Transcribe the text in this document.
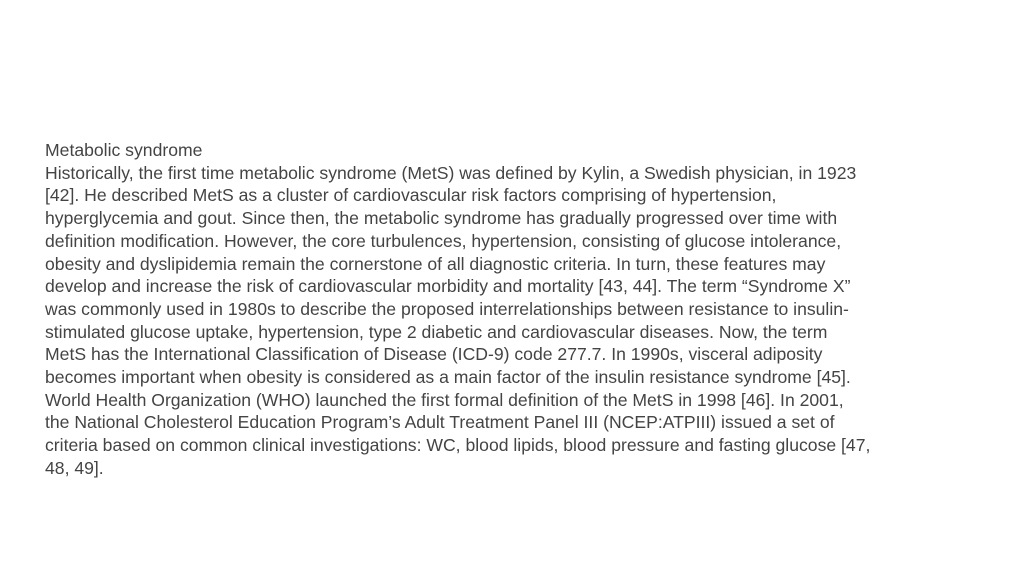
Metabolic syndrome
Historically, the first time metabolic syndrome (MetS) was defined by Kylin, a Swedish physician, in 1923
[42]. He described MetS as a cluster of cardiovascular risk factors comprising of hypertension,
hyperglycemia and gout. Since then, the metabolic syndrome has gradually progressed over time with
definition modification. However, the core turbulences, hypertension, consisting of glucose intolerance,
obesity and dyslipidemia remain the cornerstone of all diagnostic criteria. In turn, these features may
develop and increase the risk of cardiovascular morbidity and mortality [43, 44]. The term “Syndrome X”
was commonly used in 1980s to describe the proposed interrelationships between resistance to insulin-
stimulated glucose uptake, hypertension, type 2 diabetic and cardiovascular diseases. Now, the term
MetS has the International Classification of Disease (ICD-9) code 277.7. In 1990s, visceral adiposity
becomes important when obesity is considered as a main factor of the insulin resistance syndrome [45].
World Health Organization (WHO) launched the first formal definition of the MetS in 1998 [46]. In 2001,
the National Cholesterol Education Program’s Adult Treatment Panel III (NCEP:ATPIII) issued a set of
criteria based on common clinical investigations: WC, blood lipids, blood pressure and fasting glucose [47,
48, 49].
